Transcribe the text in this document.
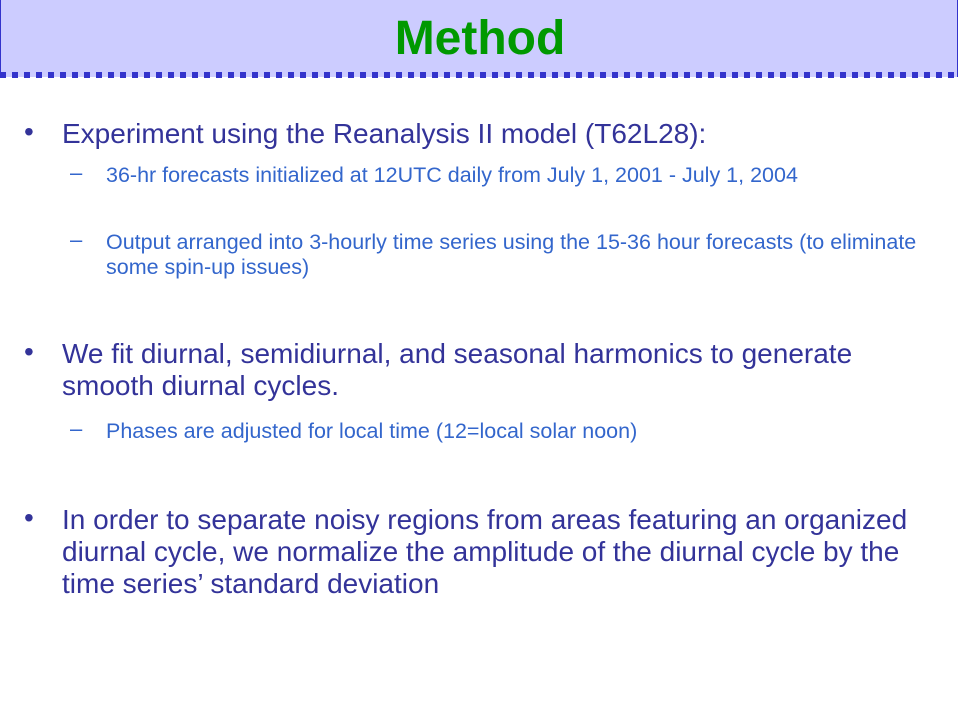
Method
• Experiment using the Reanalysis II model (T62L28):
– 36-hr forecasts initialized at 12UTC daily from July 1, 2001 - July 1, 2004
– Output arranged into 3-hourly time series using the 15-36 hour forecasts (to eliminate some spin-up issues)
• We fit diurnal, semidiurnal, and seasonal harmonics to generate smooth diurnal cycles.
– Phases are adjusted for local time (12=local solar noon)
• In order to separate noisy regions from areas featuring an organized diurnal cycle, we normalize the amplitude of the diurnal cycle by the time series’ standard deviation
